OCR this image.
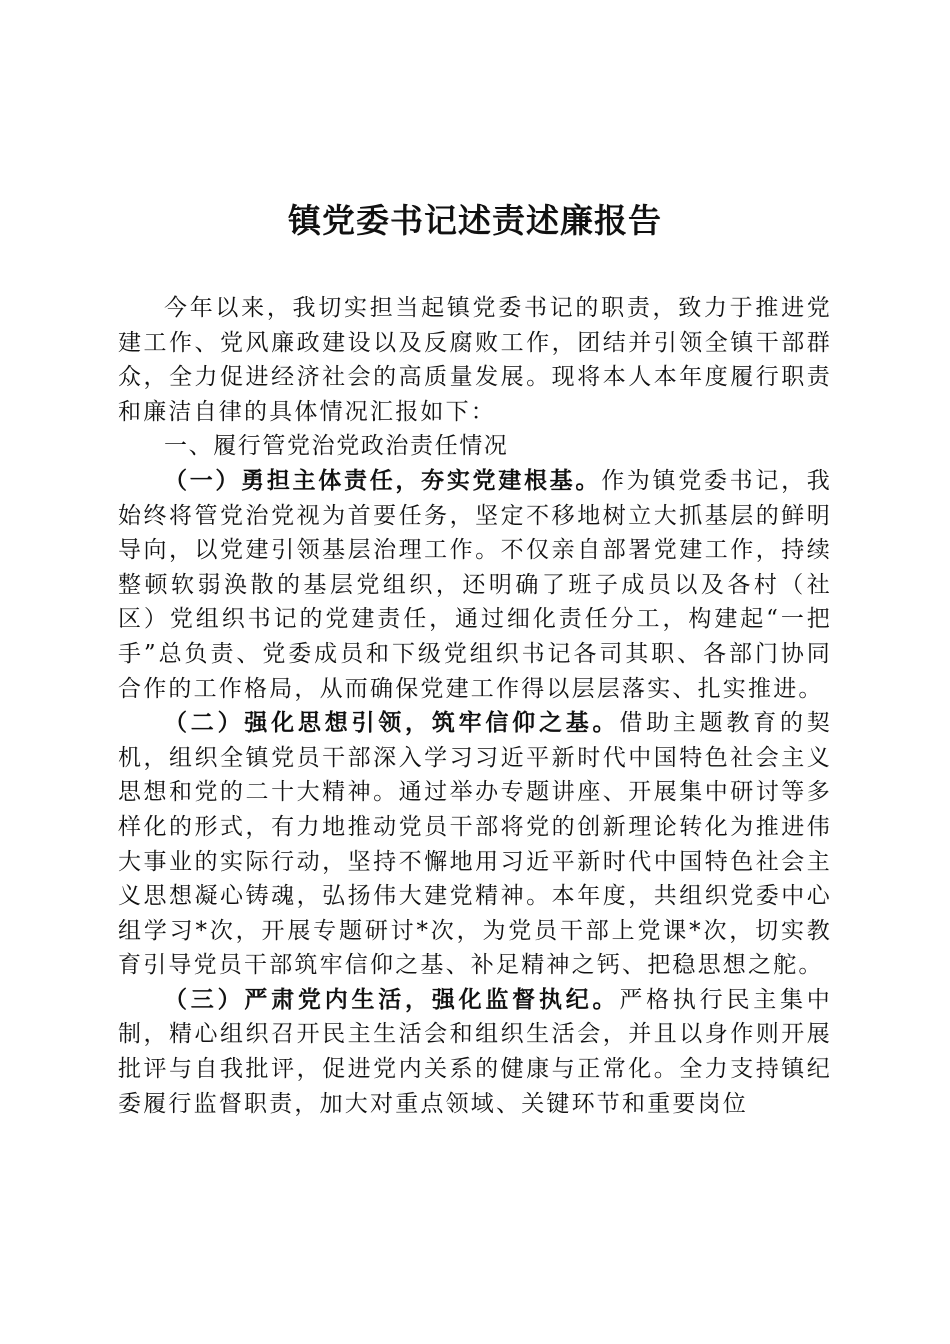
镇党委书记述责述廉报告

今年以来，我切实担当起镇党委书记的职责，致力于推进党建工作、党风廉政建设以及反腐败工作，团结并引领全镇干部群众，全力促进经济社会的高质量发展。现将本人本年度履行职责和廉洁自律的具体情况汇报如下：

一、履行管党治党政治责任情况

（一）勇担主体责任，夯实党建根基。作为镇党委书记，我始终将管党治党视为首要任务，坚定不移地树立大抓基层的鲜明导向，以党建引领基层治理工作。不仅亲自部署党建工作，持续整顿软弱涣散的基层党组织，还明确了班子成员以及各村（社区）党组织书记的党建责任，通过细化责任分工，构建起“一把手”总负责、党委成员和下级党组织书记各司其职、各部门协同合作的工作格局，从而确保党建工作得以层层落实、扎实推进。

（二）强化思想引领，筑牢信仰之基。借助主题教育的契机，组织全镇党员干部深入学习习近平新时代中国特色社会主义思想和党的二十大精神。通过举办专题讲座、开展集中研讨等多样化的形式，有力地推动党员干部将党的创新理论转化为推进伟大事业的实际行动，坚持不懈地用习近平新时代中国特色社会主义思想凝心铸魂，弘扬伟大建党精神。本年度，共组织党委中心组学习*次，开展专题研讨*次，为党员干部上党课*次，切实教育引导党员干部筑牢信仰之基、补足精神之钙、把稳思想之舵。

（三）严肃党内生活，强化监督执纪。严格执行民主集中制，精心组织召开民主生活会和组织生活会，并且以身作则开展批评与自我批评，促进党内关系的健康与正常化。全力支持镇纪委履行监督职责，加大对重点领域、关键环节和重要岗位
